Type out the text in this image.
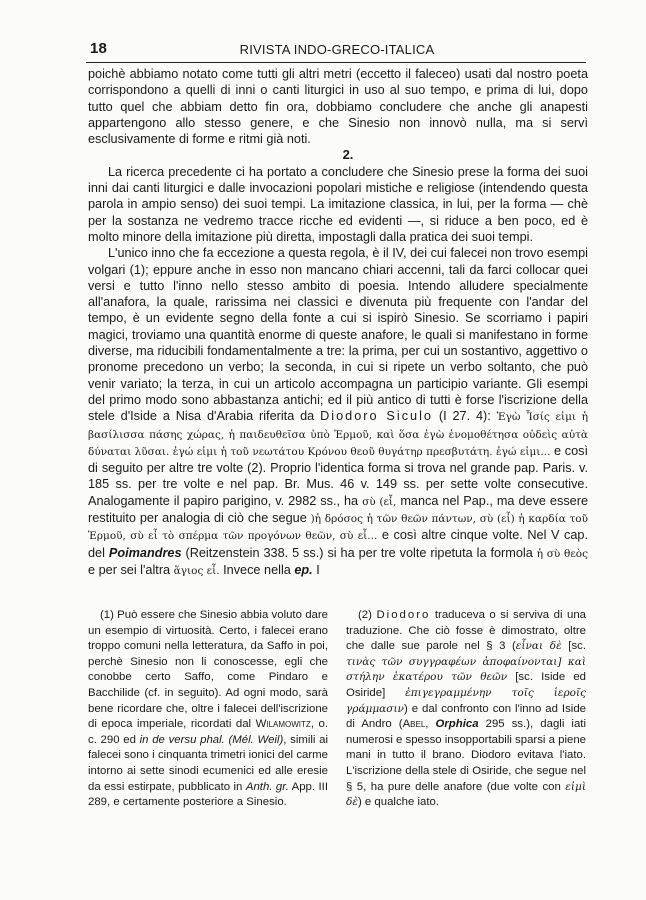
18	RIVISTA INDO-GRECO-ITALICA

poichè abbiamo notato come tutti gli altri metri (eccetto il faleceo) usati dal nostro poeta corrispondono a quelli di inni o canti liturgici in uso al suo tempo, e prima di lui, dopo tutto quel che abbiam detto fin ora, dobbiamo concludere che anche gli anapesti appartengono allo stesso genere, e che Sinesio non innovò nulla, ma si servì esclusivamente di forme e ritmi già noti.

2.

La ricerca precedente ci ha portato a concludere che Sinesio prese la forma dei suoi inni dai canti liturgici e dalle invocazioni popolari mistiche e religiose (intendendo questa parola in ampio senso) dei suoi tempi. La imitazione classica, in lui, per la forma — chè per la sostanza ne vedremo tracce ricche ed evidenti —, si riduce a ben poco, ed è molto minore della imitazione più diretta, impostagli dalla pratica dei suoi tempi.

L'unico inno che fa eccezione a questa regola, è il IV, dei cui falecei non trovo esempi volgari (1); eppure anche in esso non mancano chiari accenni, tali da farci collocar quei versi e tutto l'inno nello stesso ambito di poesia. Intendo alludere specialmente all'anafora, la quale, rarissima nei classici e divenuta più frequente con l'andar del tempo, è un evidente segno della fonte a cui si ispirò Sinesio. Se scorriamo i papiri magici, troviamo una quantità enorme di queste anafore, le quali si manifestano in forme diverse, ma riducibili fondamentalmente a tre: la prima, per cui un sostantivo, aggettivo o pronome precedono un verbo; la seconda, in cui si ripete un verbo soltanto, che può venir variato; la terza, in cui un articolo accompagna un participio variante. Gli esempi del primo modo sono abbastanza antichi; ed il più antico di tutti è forse l'iscrizione della stele d'Iside a Nisa d'Arabia riferita da Diodoro Siculo (I 27. 4): Ἐγὼ Ἶσίς εἰμι ἡ βασίλισσα πάσης χώρας, ἡ παιδευθεῖσα ὑπὸ Ἑρμοῦ, καὶ ὅσα ἐγὼ ἐνομοθέτησα οὐδεὶς αὐτὰ δύναται λῦσαι. ἐγώ εἰμι ἡ τοῦ νεωτάτου Κρόνου θεοῦ θυγάτηρ πρεσβυτάτη. ἐγώ εἰμι... e così di seguito per altre tre volte (2). Proprio l'identica forma si trova nel grande pap. Paris. v. 185 ss. per tre volte e nel pap. Br. Mus. 46 v. 149 ss. per sette volte consecutive. Analogamente il papiro parigino, v. 2982 ss., ha σὺ (εἶ, manca nel Pap., ma deve essere restituito per analogia di ciò che segue )ἡ δρόσος ἡ τῶν θεῶν πάντων, σὺ (εἶ) ἡ καρδία τοῦ Ἑρμοῦ, σὺ εἶ τὸ σπέρμα τῶν προγόνων θεῶν, σὺ εἶ... e così altre cinque volte. Nel V cap. del Poimandres (Reitzenstein 338. 5 ss.) si ha per tre volte ripetuta la formola ἡ σὺ θεὸς e per sei l'altra ἅγιος εἶ. Invece nella ep. I

(1) Può essere che Sinesio abbia voluto dare un esempio di virtuosità. Certo, i falecei erano troppo comuni nella letteratura, da Saffo in poi, perchè Sinesio non li conoscesse, egli che conobbe certo Saffo, come Pindaro e Bacchilide (cf. in seguito). Ad ogni modo, sarà bene ricordare che, oltre i falecei dell'iscrizione di epoca imperiale, ricordati dal Wilamowitz, o. c. 290 ed in de versu phal. (Mél. Weil), simili ai falecei sono i cinquanta trimetri ionici del carme intorno ai sette sinodi ecumenici ed alle eresie da essi estirpate, pubblicato in Anth. gr. App. III 289, e certamente posteriore a Sinesio.

(2) Diodoro traduceva o si serviva di una traduzione. Che ciò fosse è dimostrato, oltre che dalle sue parole nel § 3 (εἶναι δὲ [sc. τινὰς τῶν συγγραφέων ἀποφαίνονται] καὶ στήλην ἑκατέρου τῶν θεῶν [sc. Iside ed Osiride] ἐπιγεγραμμένην τοῖς ἱεροῖς γράμμασιν) e dal confronto con l'inno ad Iside di Andro (Abel, Orphica 295 ss.), dagli iati numerosi e spesso insopportabili sparsi a piene mani in tutto il brano. Diodoro evitava l'iato. L'iscrizione della stele di Osiride, che segue nel § 5, ha pure delle anafore (due volte con εἰμὶ δὲ) e qualche iato.
